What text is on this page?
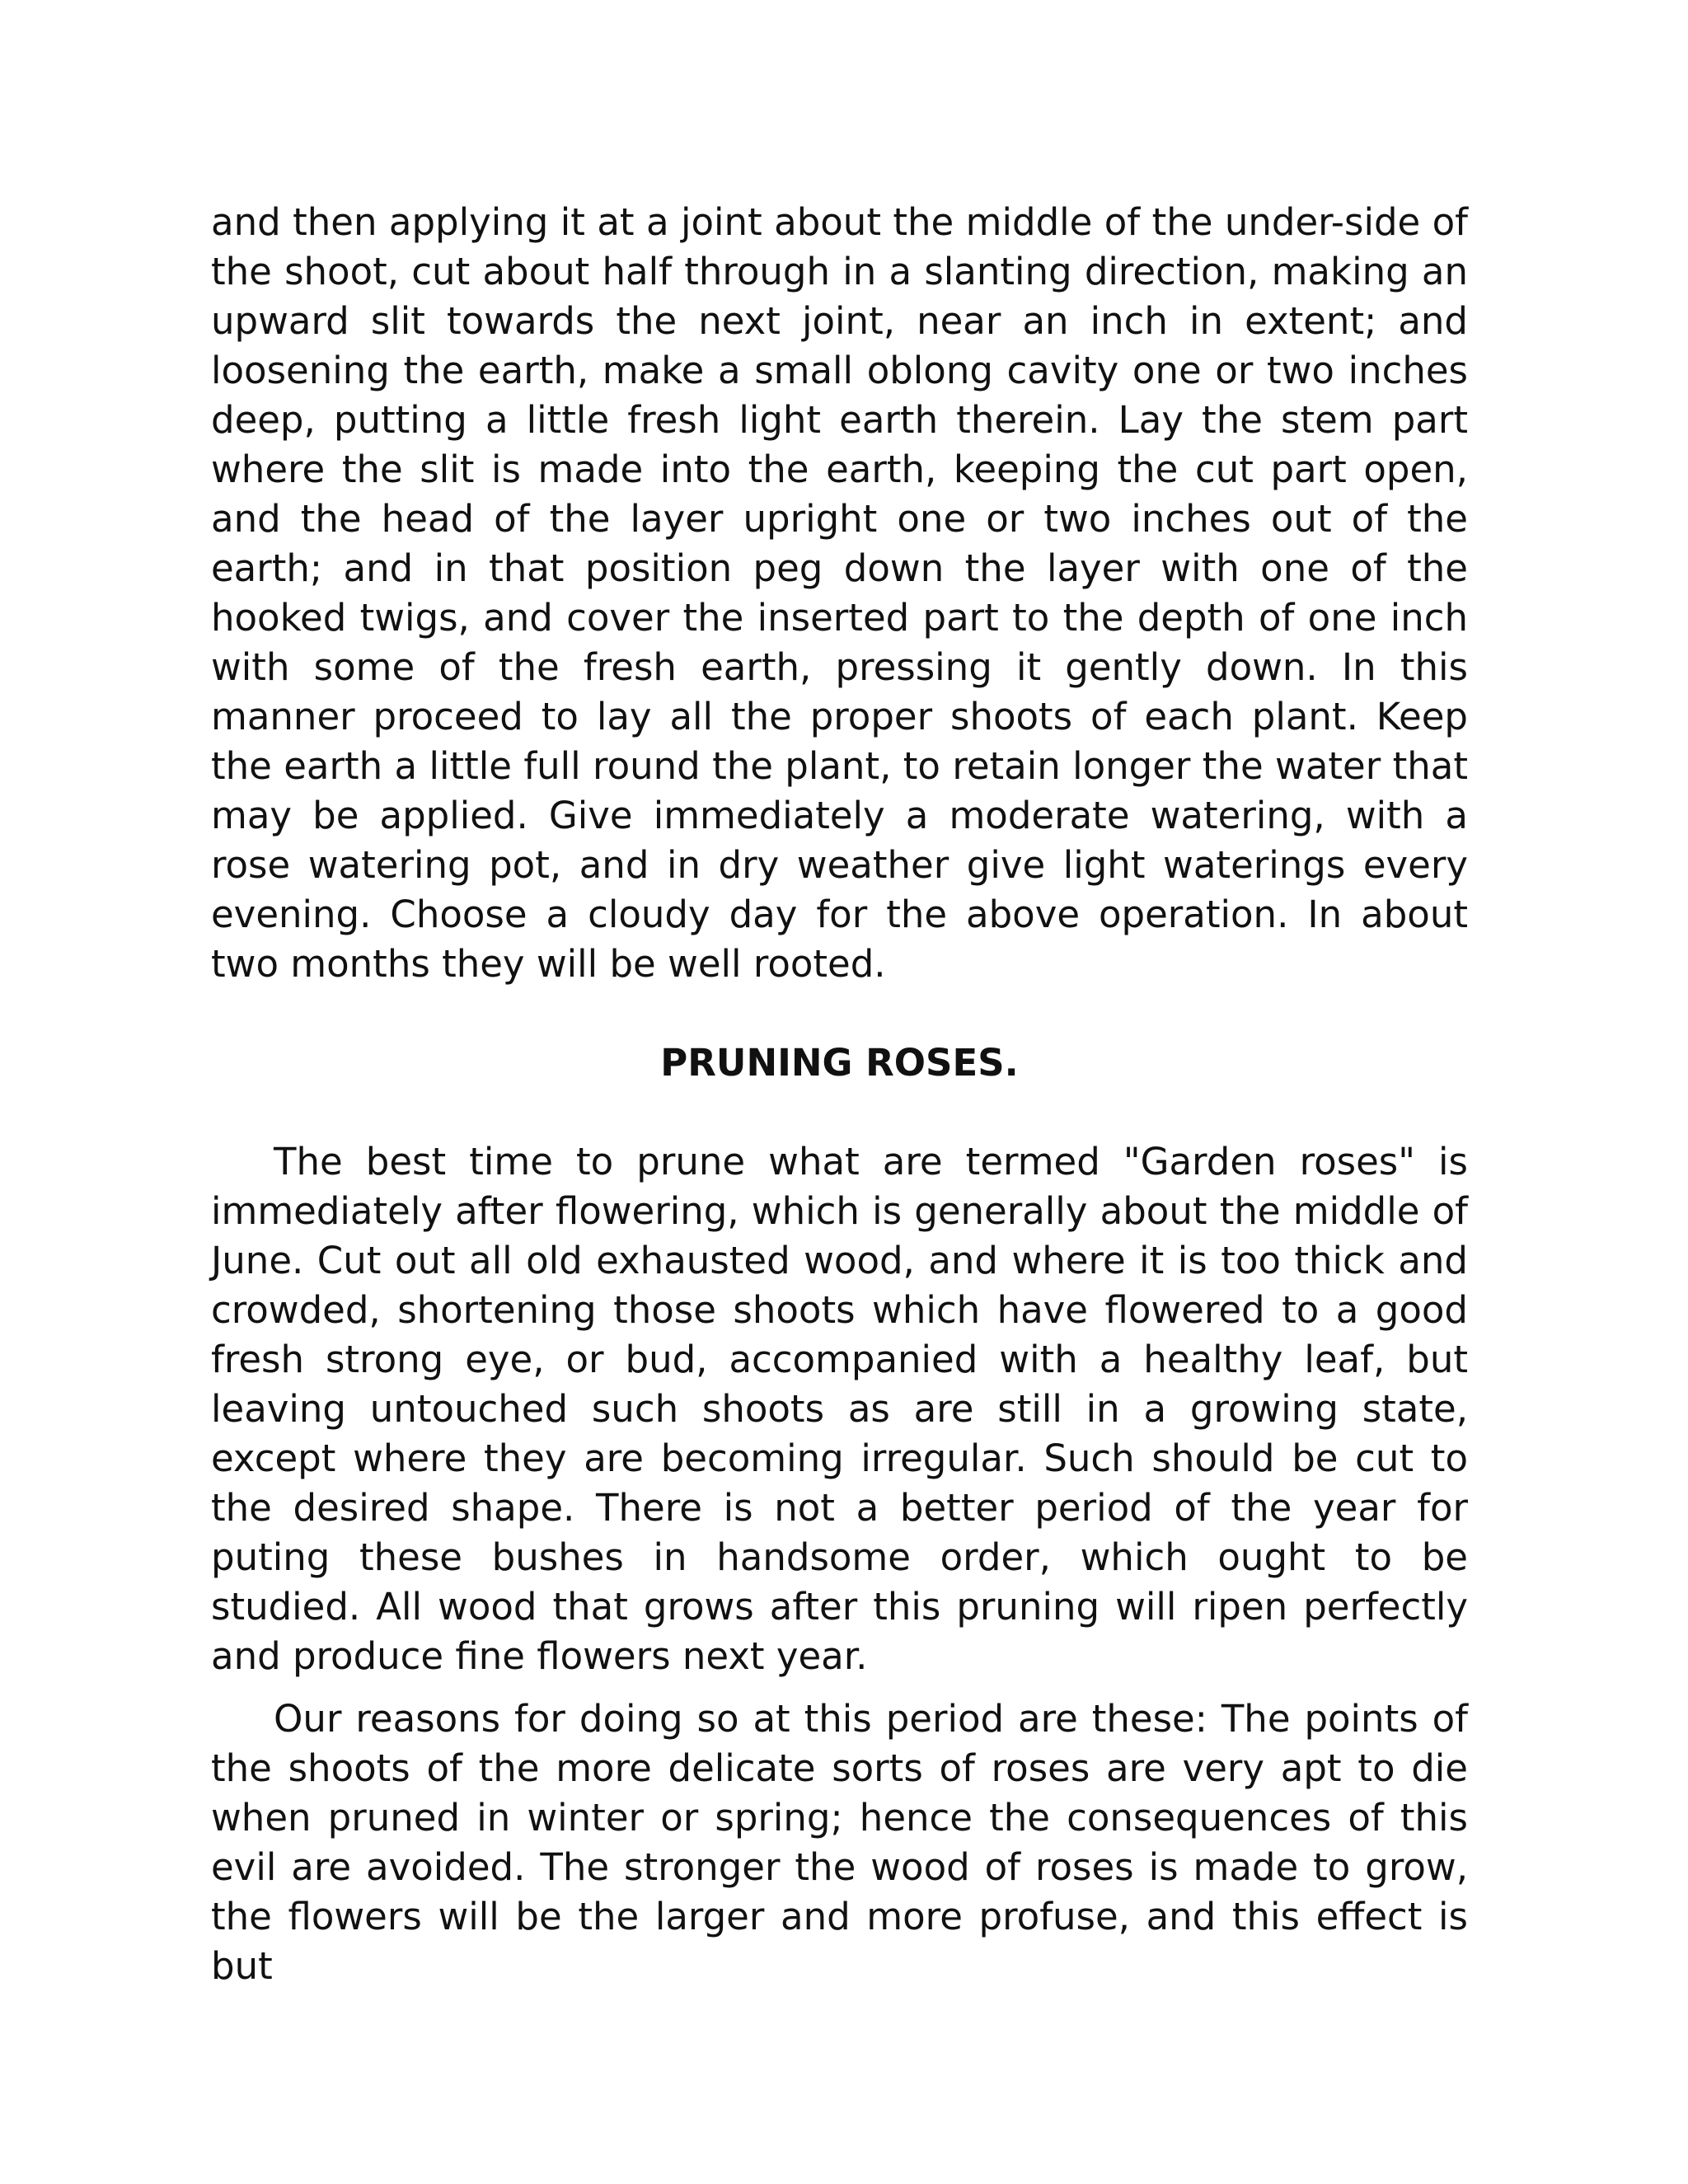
and then applying it at a joint about the middle of the under-side of the shoot, cut about half through in a slanting direction, making an upward slit towards the next joint, near an inch in extent; and loosening the earth, make a small oblong cavity one or two inches deep, putting a little fresh light earth therein. Lay the stem part where the slit is made into the earth, keeping the cut part open, and the head of the layer upright one or two inches out of the earth; and in that position peg down the layer with one of the hooked twigs, and cover the inserted part to the depth of one inch with some of the fresh earth, pressing it gently down. In this manner proceed to lay all the proper shoots of each plant. Keep the earth a little full round the plant, to retain longer the water that may be applied. Give immediately a moderate watering, with a rose watering pot, and in dry weather give light waterings every evening. Choose a cloudy day for the above operation. In about two months they will be well rooted.

PRUNING ROSES.

The best time to prune what are termed "Garden roses" is immediately after flowering, which is generally about the middle of June. Cut out all old exhausted wood, and where it is too thick and crowded, shortening those shoots which have flowered to a good fresh strong eye, or bud, accompanied with a healthy leaf, but leaving untouched such shoots as are still in a growing state, except where they are becoming irregular. Such should be cut to the desired shape. There is not a better period of the year for puting these bushes in handsome order, which ought to be studied. All wood that grows after this pruning will ripen perfectly and produce fine flowers next year.

Our reasons for doing so at this period are these: The points of the shoots of the more delicate sorts of roses are very apt to die when pruned in winter or spring; hence the consequences of this evil are avoided. The stronger the wood of roses is made to grow, the flowers will be the larger and more profuse, and this effect is but
